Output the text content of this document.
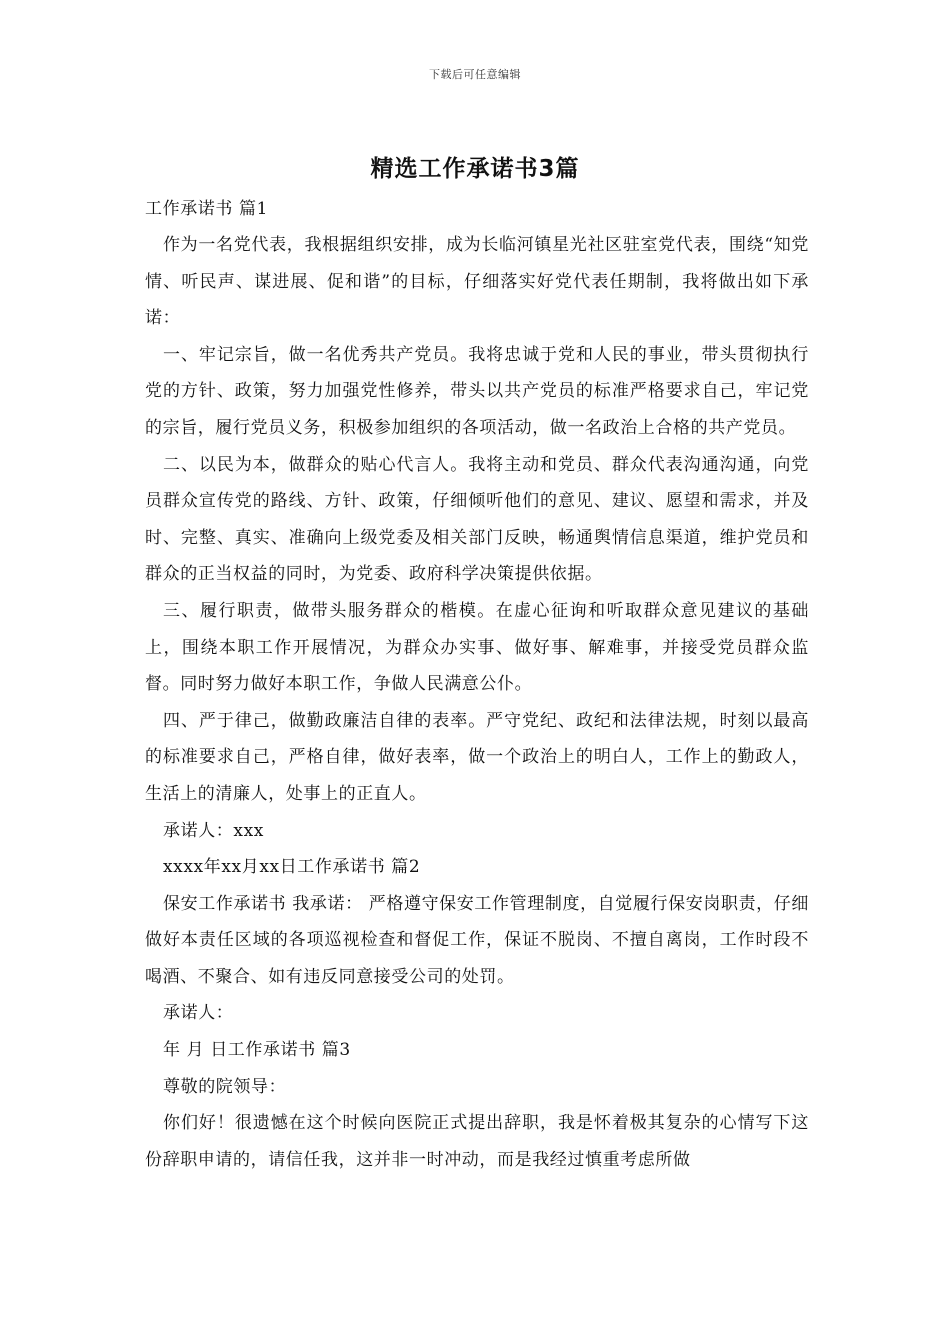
下载后可任意编辑
精选工作承诺书3篇

工作承诺书 篇1

作为一名党代表，我根据组织安排，成为长临河镇星光社区驻室党代表，围绕“知党情、听民声、谋进展、促和谐”的目标，仔细落实好党代表任期制，我将做出如下承诺：

一、牢记宗旨，做一名优秀共产党员。我将忠诚于党和人民的事业，带头贯彻执行党的方针、政策，努力加强党性修养，带头以共产党员的标准严格要求自己，牢记党的宗旨，履行党员义务，积极参加组织的各项活动，做一名政治上合格的共产党员。

二、以民为本，做群众的贴心代言人。我将主动和党员、群众代表沟通沟通，向党员群众宣传党的路线、方针、政策，仔细倾听他们的意见、建议、愿望和需求，并及时、完整、真实、准确向上级党委及相关部门反映，畅通舆情信息渠道，维护党员和群众的正当权益的同时，为党委、政府科学决策提供依据。

三、履行职责，做带头服务群众的楷模。在虚心征询和听取群众意见建议的基础上，围绕本职工作开展情况，为群众办实事、做好事、解难事，并接受党员群众监督。同时努力做好本职工作，争做人民满意公仆。

四、严于律己，做勤政廉洁自律的表率。严守党纪、政纪和法律法规，时刻以最高的标准要求自己，严格自律，做好表率，做一个政治上的明白人，工作上的勤政人，生活上的清廉人，处事上的正直人。

承诺人：xxx

xxxx年xx月xx日工作承诺书 篇2

保安工作承诺书 我承诺： 严格遵守保安工作管理制度，自觉履行保安岗职责，仔细做好本责任区域的各项巡视检查和督促工作，保证不脱岗、不擅自离岗，工作时段不喝酒、不聚合、如有违反同意接受公司的处罚。

承诺人：

年 月 日工作承诺书 篇3

尊敬的院领导：

你们好！很遗憾在这个时候向医院正式提出辞职，我是怀着极其复杂的心情写下这份辞职申请的，请信任我，这并非一时冲动，而是我经过慎重考虑所做
